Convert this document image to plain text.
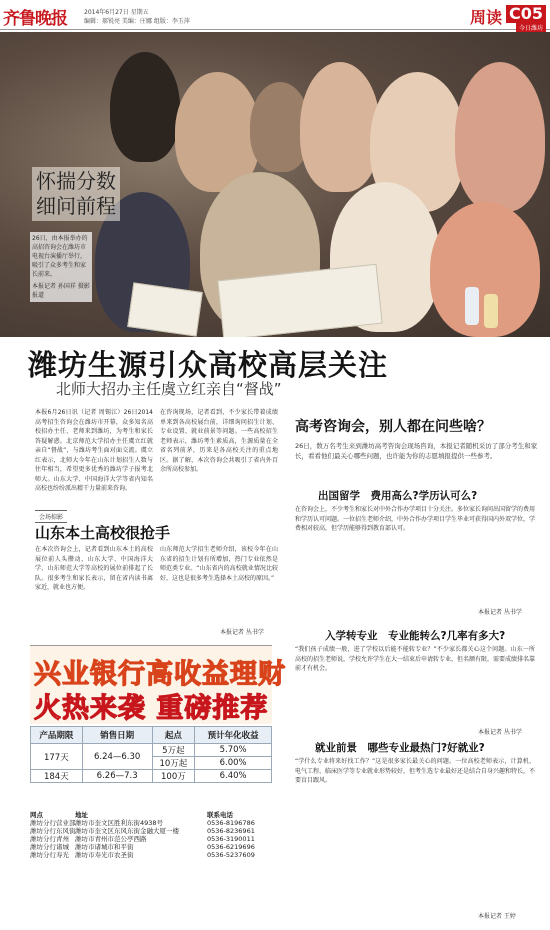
齐鲁晚报	2014年6月27日 星期五
编辑：郝锐亮 美编：庄娜 组版：李玉萍	周读 C05
今日潍坊
怀揣分数
细问前程
26日，由本报举办的高招咨询会在潍坊市电视台演播厅举行，吸引了众多考生和家长前来。
本报记者 孙国祥 摄影报道
潍坊生源引众高校高层关注
北师大招办主任虞立红亲自“督战”
本报6月26日讯（记者 周锡江）26日2014高考招生咨询会在潍坊市开幕，众多知名高校招办主任、老师来到潍坊，为考生和家长答疑解惑。北京师范大学招办主任虞立红就亲自“督战”，与潍坊考生面对面交流。虞立红表示，北师大今年在山东计划招生人数与往年相当，希望更多优秀的潍坊学子报考北师大。山东大学、中国海洋大学等省内知名高校也纷纷派出精干力量前来咨询。
在咨询现场，记者看到，不少家长带着成绩单来到各高校展台前，详细询问招生计划、专业设置、就业前景等问题。一些高校招生老师表示，潍坊考生素质高，生源质量在全省名列前茅，历来是各高校关注的重点地区。据了解，本次咨询会共吸引了省内外百余所高校参加。
会场掠影
山东本土高校很抢手
在本次咨询会上，记者看到山东本土的高校展位前人头攒动，山东大学、中国海洋大学、山东师范大学等高校的展位前排起了长队。很多考生和家长表示，留在省内读书离家近，就业也方便。
山东师范大学招生老师介绍，该校今年在山东省的招生计划有所增加，热门专业依然是师范类专业。“山东省内的高校就业情况比较好，这也是很多考生选择本土高校的原因。”
本报记者 丛书学
高考咨询会，别人都在问些啥？
26日，数万名考生来到潍坊高考咨询会现场咨询，本报记者随机采访了部分考生和家长，看看他们最关心哪些问题，也许能为你的志愿填报提供一些参考。
出国留学　费用高么?学历认可么?
在咨询会上，不少考生和家长对中外合作办学项目十分关注。多位家长询问出国留学的费用和学历认可问题。一位招生老师介绍，中外合作办学项目学生毕业可获得国内外双学位，学费相对较高，但学历能够得到教育部认可。
本报记者 丛书学
入学转专业　专业能转么?几率有多大?
“我们孩子成绩一般，进了学校以后能不能转专业？”不少家长都关心这个问题。山东一所高校的招生老师说，学校允许学生在大一结束后申请转专业，但名额有限，需要成绩排名靠前才有机会。
本报记者 丛书学
就业前景　哪些专业最热门?好就业?
“学什么专业将来好找工作？”这是很多家长最关心的问题。一位高校老师表示，计算机、电气工程、临床医学等专业就业形势较好，但考生选专业最好还是结合自身兴趣和特长，不要盲目跟风。
本报记者 王婷
兴业银行高收益理财
火热来袭 重磅推荐
产品期限	销售日期	起点	预计年化收益
177天	6.24—6.30	5万起	5.70%
		10万起	6.00%
184天	6.26—7.3	100万	6.40%
网点	地址	联系电话
潍坊分行营业部 潍坊市奎文区胜利东街4938号	0536-8196786
潍坊分行东风街 潍坊市奎文区东风东街金融大厦一楼	0536-8236961
潍坊分行青州 潍坊市青州市范公亭西路	0536-3190011
潍坊分行诸城 潍坊市诸城市和平街	0536-6219696
潍坊分行寿光 潍坊市寿光市农圣街	0536-5237609
